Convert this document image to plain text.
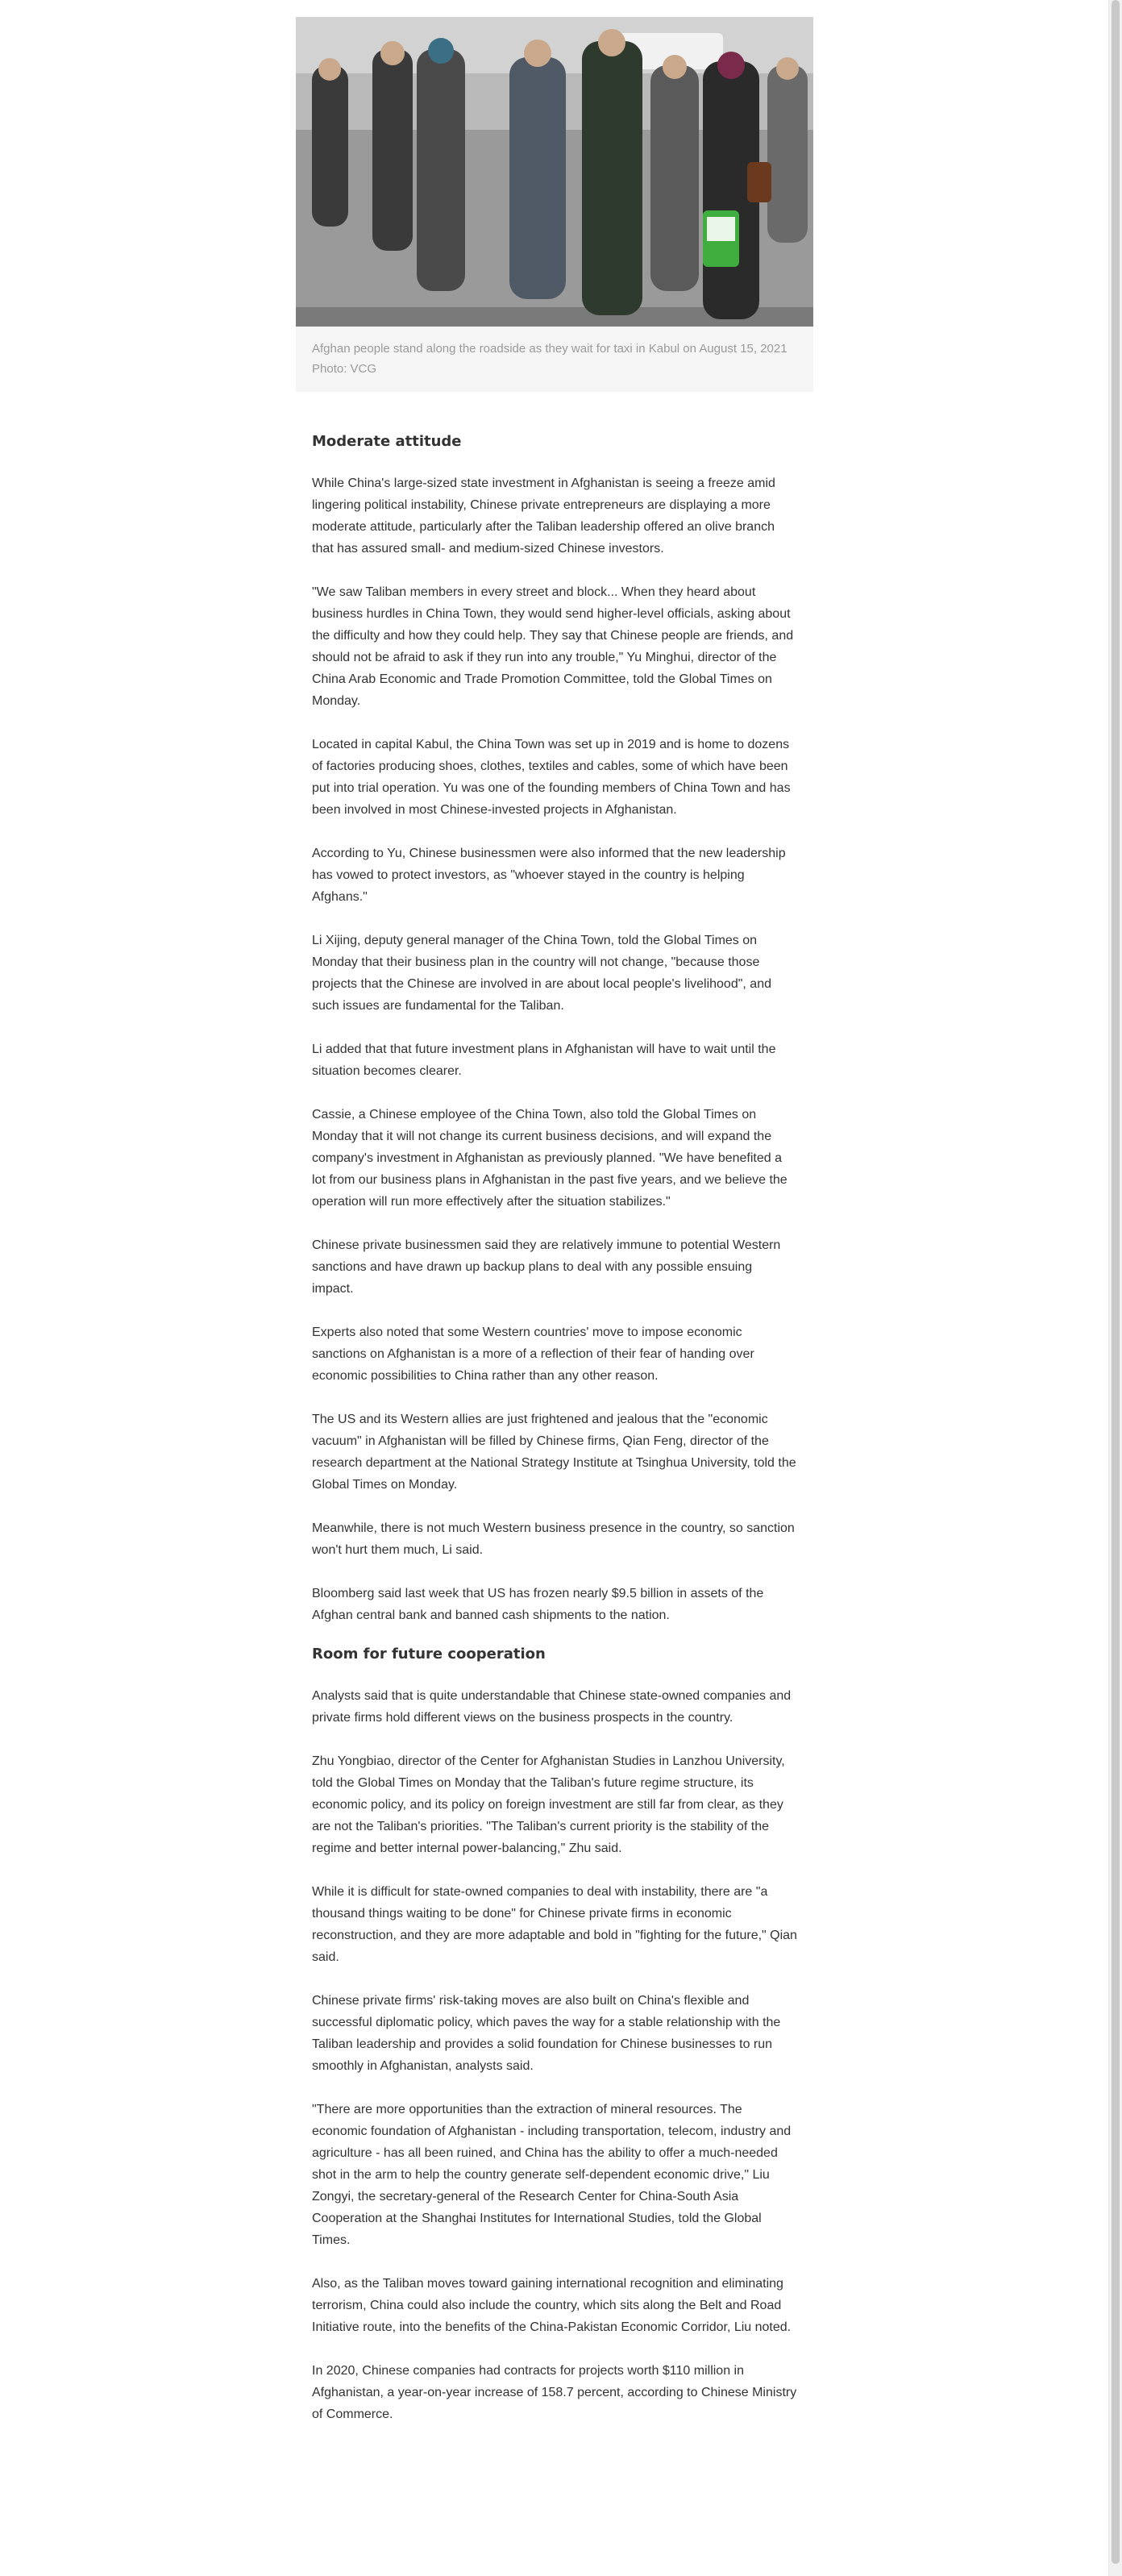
Afghan people stand along the roadside as they wait for taxi in Kabul on August 15, 2021 Photo: VCG
Moderate attitude

While China's large-sized state investment in Afghanistan is seeing a freeze amid lingering political instability, Chinese private entrepreneurs are displaying a more moderate attitude, particularly after the Taliban leadership offered an olive branch that has assured small- and medium-sized Chinese investors.

"We saw Taliban members in every street and block... When they heard about business hurdles in China Town, they would send higher-level officials, asking about the difficulty and how they could help. They say that Chinese people are friends, and should not be afraid to ask if they run into any trouble," Yu Minghui, director of the China Arab Economic and Trade Promotion Committee, told the Global Times on Monday.

Located in capital Kabul, the China Town was set up in 2019 and is home to dozens of factories producing shoes, clothes, textiles and cables, some of which have been put into trial operation. Yu was one of the founding members of China Town and has been involved in most Chinese-invested projects in Afghanistan.

According to Yu, Chinese businessmen were also informed that the new leadership has vowed to protect investors, as "whoever stayed in the country is helping Afghans."

Li Xijing, deputy general manager of the China Town, told the Global Times on Monday that their business plan in the country will not change, "because those projects that the Chinese are involved in are about local people's livelihood", and such issues are fundamental for the Taliban.

Li added that that future investment plans in Afghanistan will have to wait until the situation becomes clearer.

Cassie, a Chinese employee of the China Town, also told the Global Times on Monday that it will not change its current business decisions, and will expand the company's investment in Afghanistan as previously planned. "We have benefited a lot from our business plans in Afghanistan in the past five years, and we believe the operation will run more effectively after the situation stabilizes."

Chinese private businessmen said they are relatively immune to potential Western sanctions and have drawn up backup plans to deal with any possible ensuing impact.

Experts also noted that some Western countries' move to impose economic sanctions on Afghanistan is a more of a reflection of their fear of handing over economic possibilities to China rather than any other reason.

The US and its Western allies are just frightened and jealous that the "economic vacuum" in Afghanistan will be filled by Chinese firms, Qian Feng, director of the research department at the National Strategy Institute at Tsinghua University, told the Global Times on Monday.

Meanwhile, there is not much Western business presence in the country, so sanction won't hurt them much, Li said.

Bloomberg said last week that US has frozen nearly $9.5 billion in assets of the Afghan central bank and banned cash shipments to the nation.

Room for future cooperation

Analysts said that is quite understandable that Chinese state-owned companies and private firms hold different views on the business prospects in the country.

Zhu Yongbiao, director of the Center for Afghanistan Studies in Lanzhou University, told the Global Times on Monday that the Taliban's future regime structure, its economic policy, and its policy on foreign investment are still far from clear, as they are not the Taliban's priorities. "The Taliban's current priority is the stability of the regime and better internal power-balancing," Zhu said.

While it is difficult for state-owned companies to deal with instability, there are "a thousand things waiting to be done" for Chinese private firms in economic reconstruction, and they are more adaptable and bold in "fighting for the future," Qian said.

Chinese private firms' risk-taking moves are also built on China's flexible and successful diplomatic policy, which paves the way for a stable relationship with the Taliban leadership and provides a solid foundation for Chinese businesses to run smoothly in Afghanistan, analysts said.

"There are more opportunities than the extraction of mineral resources. The economic foundation of Afghanistan - including transportation, telecom, industry and agriculture - has all been ruined, and China has the ability to offer a much-needed shot in the arm to help the country generate self-dependent economic drive," Liu Zongyi, the secretary-general of the Research Center for China-South Asia Cooperation at the Shanghai Institutes for International Studies, told the Global Times.

Also, as the Taliban moves toward gaining international recognition and eliminating terrorism, China could also include the country, which sits along the Belt and Road Initiative route, into the benefits of the China-Pakistan Economic Corridor, Liu noted.

In 2020, Chinese companies had contracts for projects worth $110 million in Afghanistan, a year-on-year increase of 158.7 percent, according to Chinese Ministry of Commerce.
